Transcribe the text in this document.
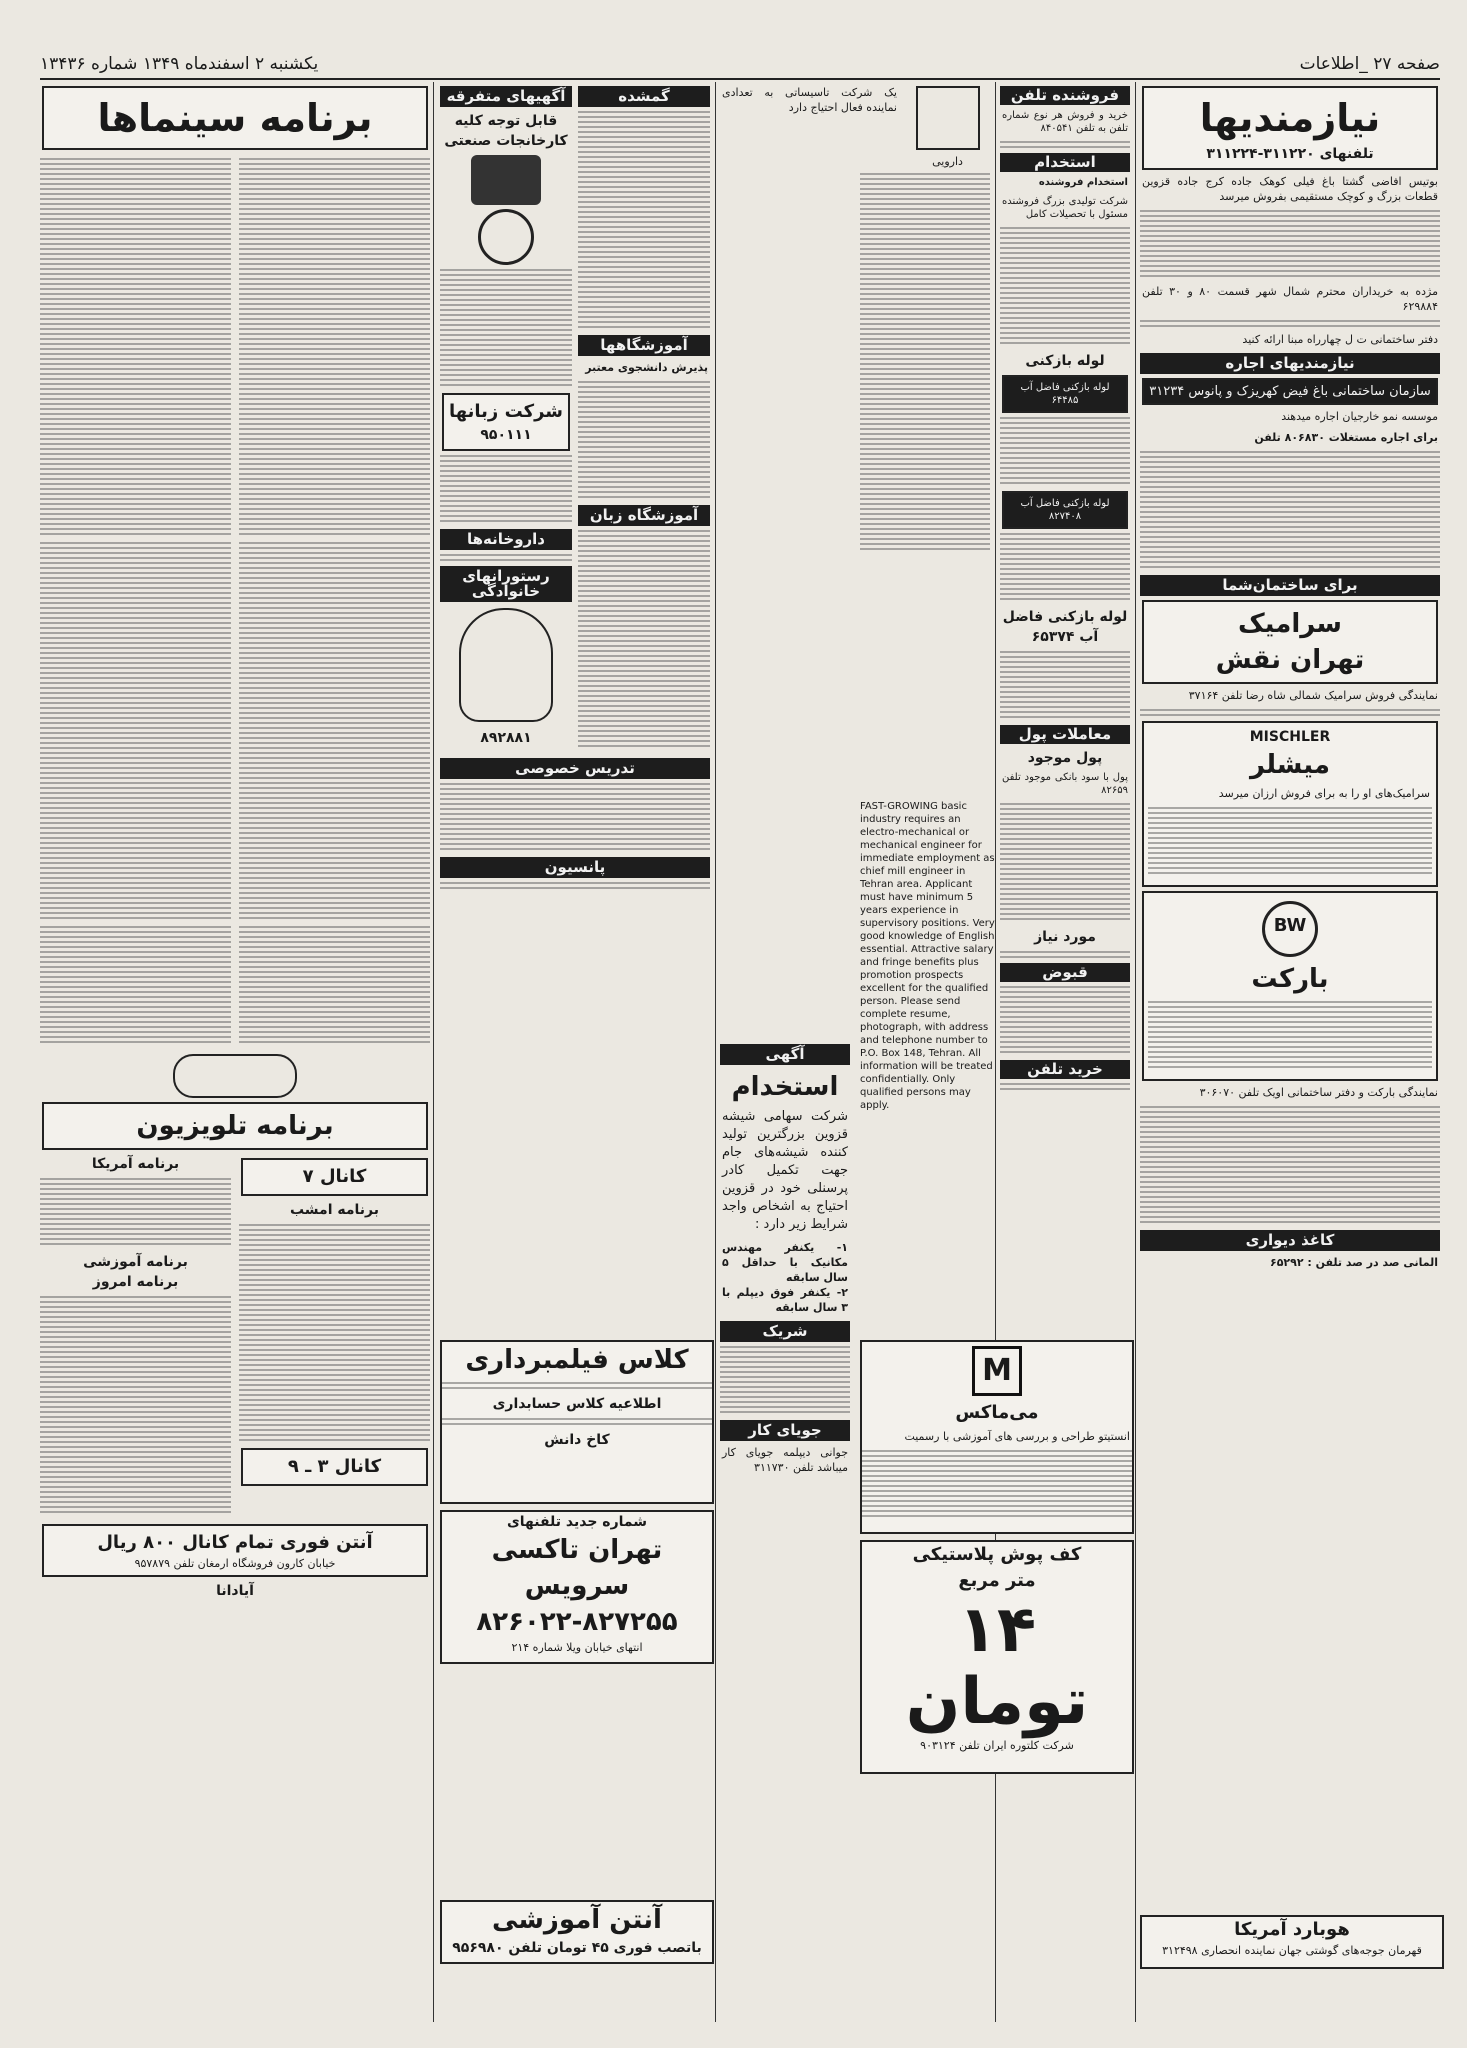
صفحه ۲۷ _اطلاعات
یکشنبه ۲ اسفندماه ۱۳۴۹ شماره ۱۳۴۳۶
نیازمندیها
تلفنهای ۳۱۱۲۲۰-۳۱۱۲۲۴
بوتیس افاضی گشتا باغ فیلی کوهک جاده کرج جاده قزوین قطعات بزرگ و کوچک مستقیمی بفروش میرسد
مژده به خریداران محترم شمال شهر قسمت ۸۰ و ۳۰ تلفن ۶۲۹۸۸۴
دفتر ساختمانی ت ل چهارراه مبنا ارائه کنید
نیازمندیهای اجاره
سازمان ساختمانی باغ فیض کهریزک و پانوس ۳۱۲۳۴
موسسه نمو خارجیان اجاره میدهند
برای اجاره مستغلات ۸۰۶۸۳۰ تلفن
برای ساختمان‌شما
سرامیک
تهران نقش
نمایندگی فروش سرامیک شمالی شاه رضا تلفن ۳۷۱۶۴
MISCHLER
میشلر
سرامیک‌های او را به برای فروش ارزان میرسد
BW
بارکت
نمایندگی بارکت و دفتر ساختمانی اویک تلفن ۳۰۶۰۷۰
کاغذ دیواری
المانی صد در صد تلفن : ۶۵۲۹۲
فروشنده تلفن
خرید و فروش هر نوع شماره تلفن به تلفن ۸۴۰۵۴۱
استخدام
استخدام فروشنده
شرکت تولیدی بزرگ فروشنده مسئول با تحصیلات کامل
لوله بازکنی
لوله بازکنی فاضل آب ۶۴۴۸۵
لوله بازکنی فاضل آب ۸۲۷۴۰۸
لوله بازکنی فاضل آب ۶۵۳۷۴
معاملات پول
پول موجود
پول با سود بانکی موجود تلفن ۸۲۶۵۹
مورد نیاز
قبوض
خرید تلفن
FAST-GROWING basic industry requires an electro-mechanical or mechanical engineer for immediate employment as chief mill engineer in Tehran area. Applicant must have minimum 5 years experience in supervisory positions. Very good knowledge of English essential. Attractive salary and fringe benefits plus promotion prospects excellent for the qualified person. Please send complete resume, photograph, with address and telephone number to P.O. Box 148, Tehran. All information will be treated confidentially. Only qualified persons may apply.
دارویی
یک شرکت تاسیساتی به تعدادی نماینده فعال احتیاج دارد
آگهی
استخدام
شرکت سهامی شیشه قزوین بزرگترین تولید کننده شیشه‌های جام جهت تکمیل کادر پرسنلی خود در قزوین احتیاج به اشخاص واجد شرایط زیر دارد :
۱- یکنفر مهندس مکانیک با حداقل ۵ سال سابقه
۲- یکنفر فوق دیپلم با ۳ سال سابقه
شریک
جویای کار
جوانی دیپلمه جویای کار میباشد تلفن ۳۱۱۷۳۰
گمشده
آموزشگاهها
پذیرش دانشجوی معتبر
آموزشگاه زبان
آگهیهای متفرقه
قابل توجه کلیه کارخانجات صنعتی
شرکت زبانها
۹۵۰۱۱۱
داروخانه‌ها
رستورانهای خانوادگی
۸۹۲۸۸۱
تدریس خصوصی
پانسیون
M
می‌ماکس
انستیتو طراحی و بررسی های آموزشی با رسمیت
کلاس فیلمبرداری
اطلاعیه کلاس حسابداری
کاخ دانش
شماره جدید تلفنهای
تهران تاکسی سرویس
۸۲۶۰۲۲-۸۲۷۲۵۵
انتهای خیابان ویلا شماره ۲۱۴
کف پوش پلاستیکی
متر مربع
۱۴ تومان
شرکت کلتوره ایران تلفن ۹۰۳۱۲۴
آنتن آموزشی
باتصب فوری ۴۵ تومان تلفن ۹۵۶۹۸۰
هوبارد آمریکا
قهرمان جوجه‌های گوشتی جهان نماینده انحصاری ۳۱۲۴۹۸
برنامه سینماها
برنامه تلویزیون
کانال ۷
برنامه امشب
کانال ۳ ـ ۹
برنامه آمریکا
برنامه آموزشی
برنامه امروز
آنتن فوری تمام کانال ۸۰۰ ریال
خیابان کارون فروشگاه ارمغان تلفن ۹۵۷۸۷۹
آیادانا
